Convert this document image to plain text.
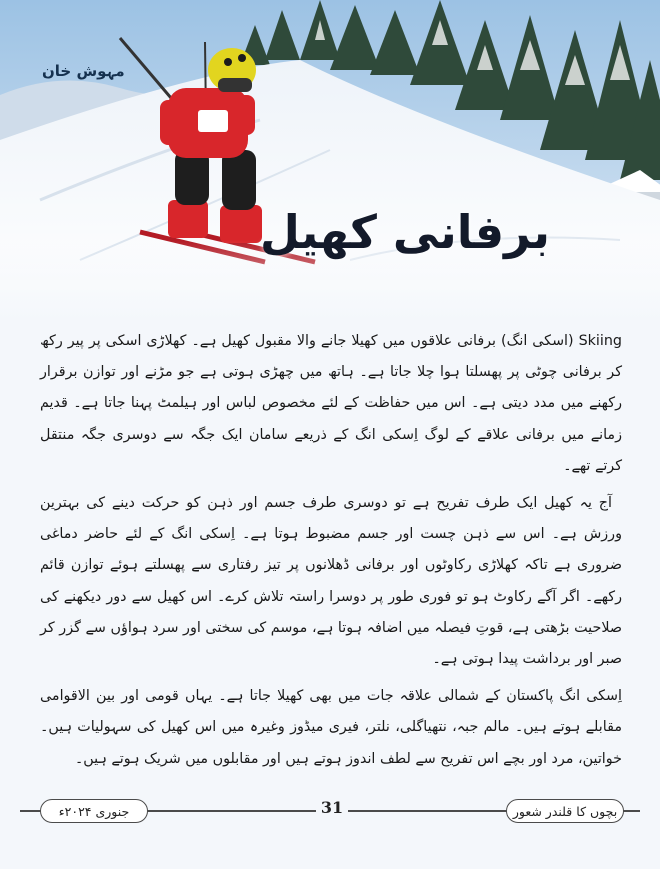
مہوش خان
برفانی کھیل

Skiing (اسکی انگ) برفانی علاقوں میں کھیلا جانے والا مقبول کھیل ہے۔ کھلاڑی اسکی پر پیر رکھ کر برفانی چوٹی پر پھسلتا ہوا چلا جاتا ہے۔ ہاتھ میں چھڑی ہوتی ہے جو مڑنے اور توازن برقرار رکھنے میں مدد دیتی ہے۔ اس میں حفاظت کے لئے مخصوص لباس اور ہیلمٹ پہنا جاتا ہے۔ قدیم زمانے میں برفانی علاقے کے لوگ اِسکی انگ کے ذریعے سامان ایک جگہ سے دوسری جگہ منتقل کرتے تھے۔

آج یہ کھیل ایک طرف تفریح ہے تو دوسری طرف جسم اور ذہن کو حرکت دینے کی بہترین ورزش ہے۔ اس سے ذہن چست اور جسم مضبوط ہوتا ہے۔ اِسکی انگ کے لئے حاضر دماغی ضروری ہے تاکہ کھلاڑی رکاوٹوں اور برفانی ڈھلانوں پر تیز رفتاری سے پھسلتے ہوئے توازن قائم رکھے۔ اگر آگے رکاوٹ ہو تو فوری طور پر دوسرا راستہ تلاش کرے۔ اس کھیل سے دور دیکھنے کی صلاحیت بڑھتی ہے، قوتِ فیصلہ میں اضافہ ہوتا ہے، موسم کی سختی اور سرد ہواؤں سے گزر کر صبر اور برداشت پیدا ہوتی ہے۔

اِسکی انگ پاکستان کے شمالی علاقہ جات میں بھی کھیلا جاتا ہے۔ یہاں قومی اور بین الاقوامی مقابلے ہوتے ہیں۔ مالم جبہ، نتھیاگلی، نلتر، فیری میڈوز وغیرہ میں اس کھیل کی سہولیات ہیں۔ خواتین، مرد اور بچے اس تفریح سے لطف اندوز ہوتے ہیں اور مقابلوں میں شریک ہوتے ہیں۔

بچوں کا قلندر شعور
31
جنوری ۲۰۲۴ء
